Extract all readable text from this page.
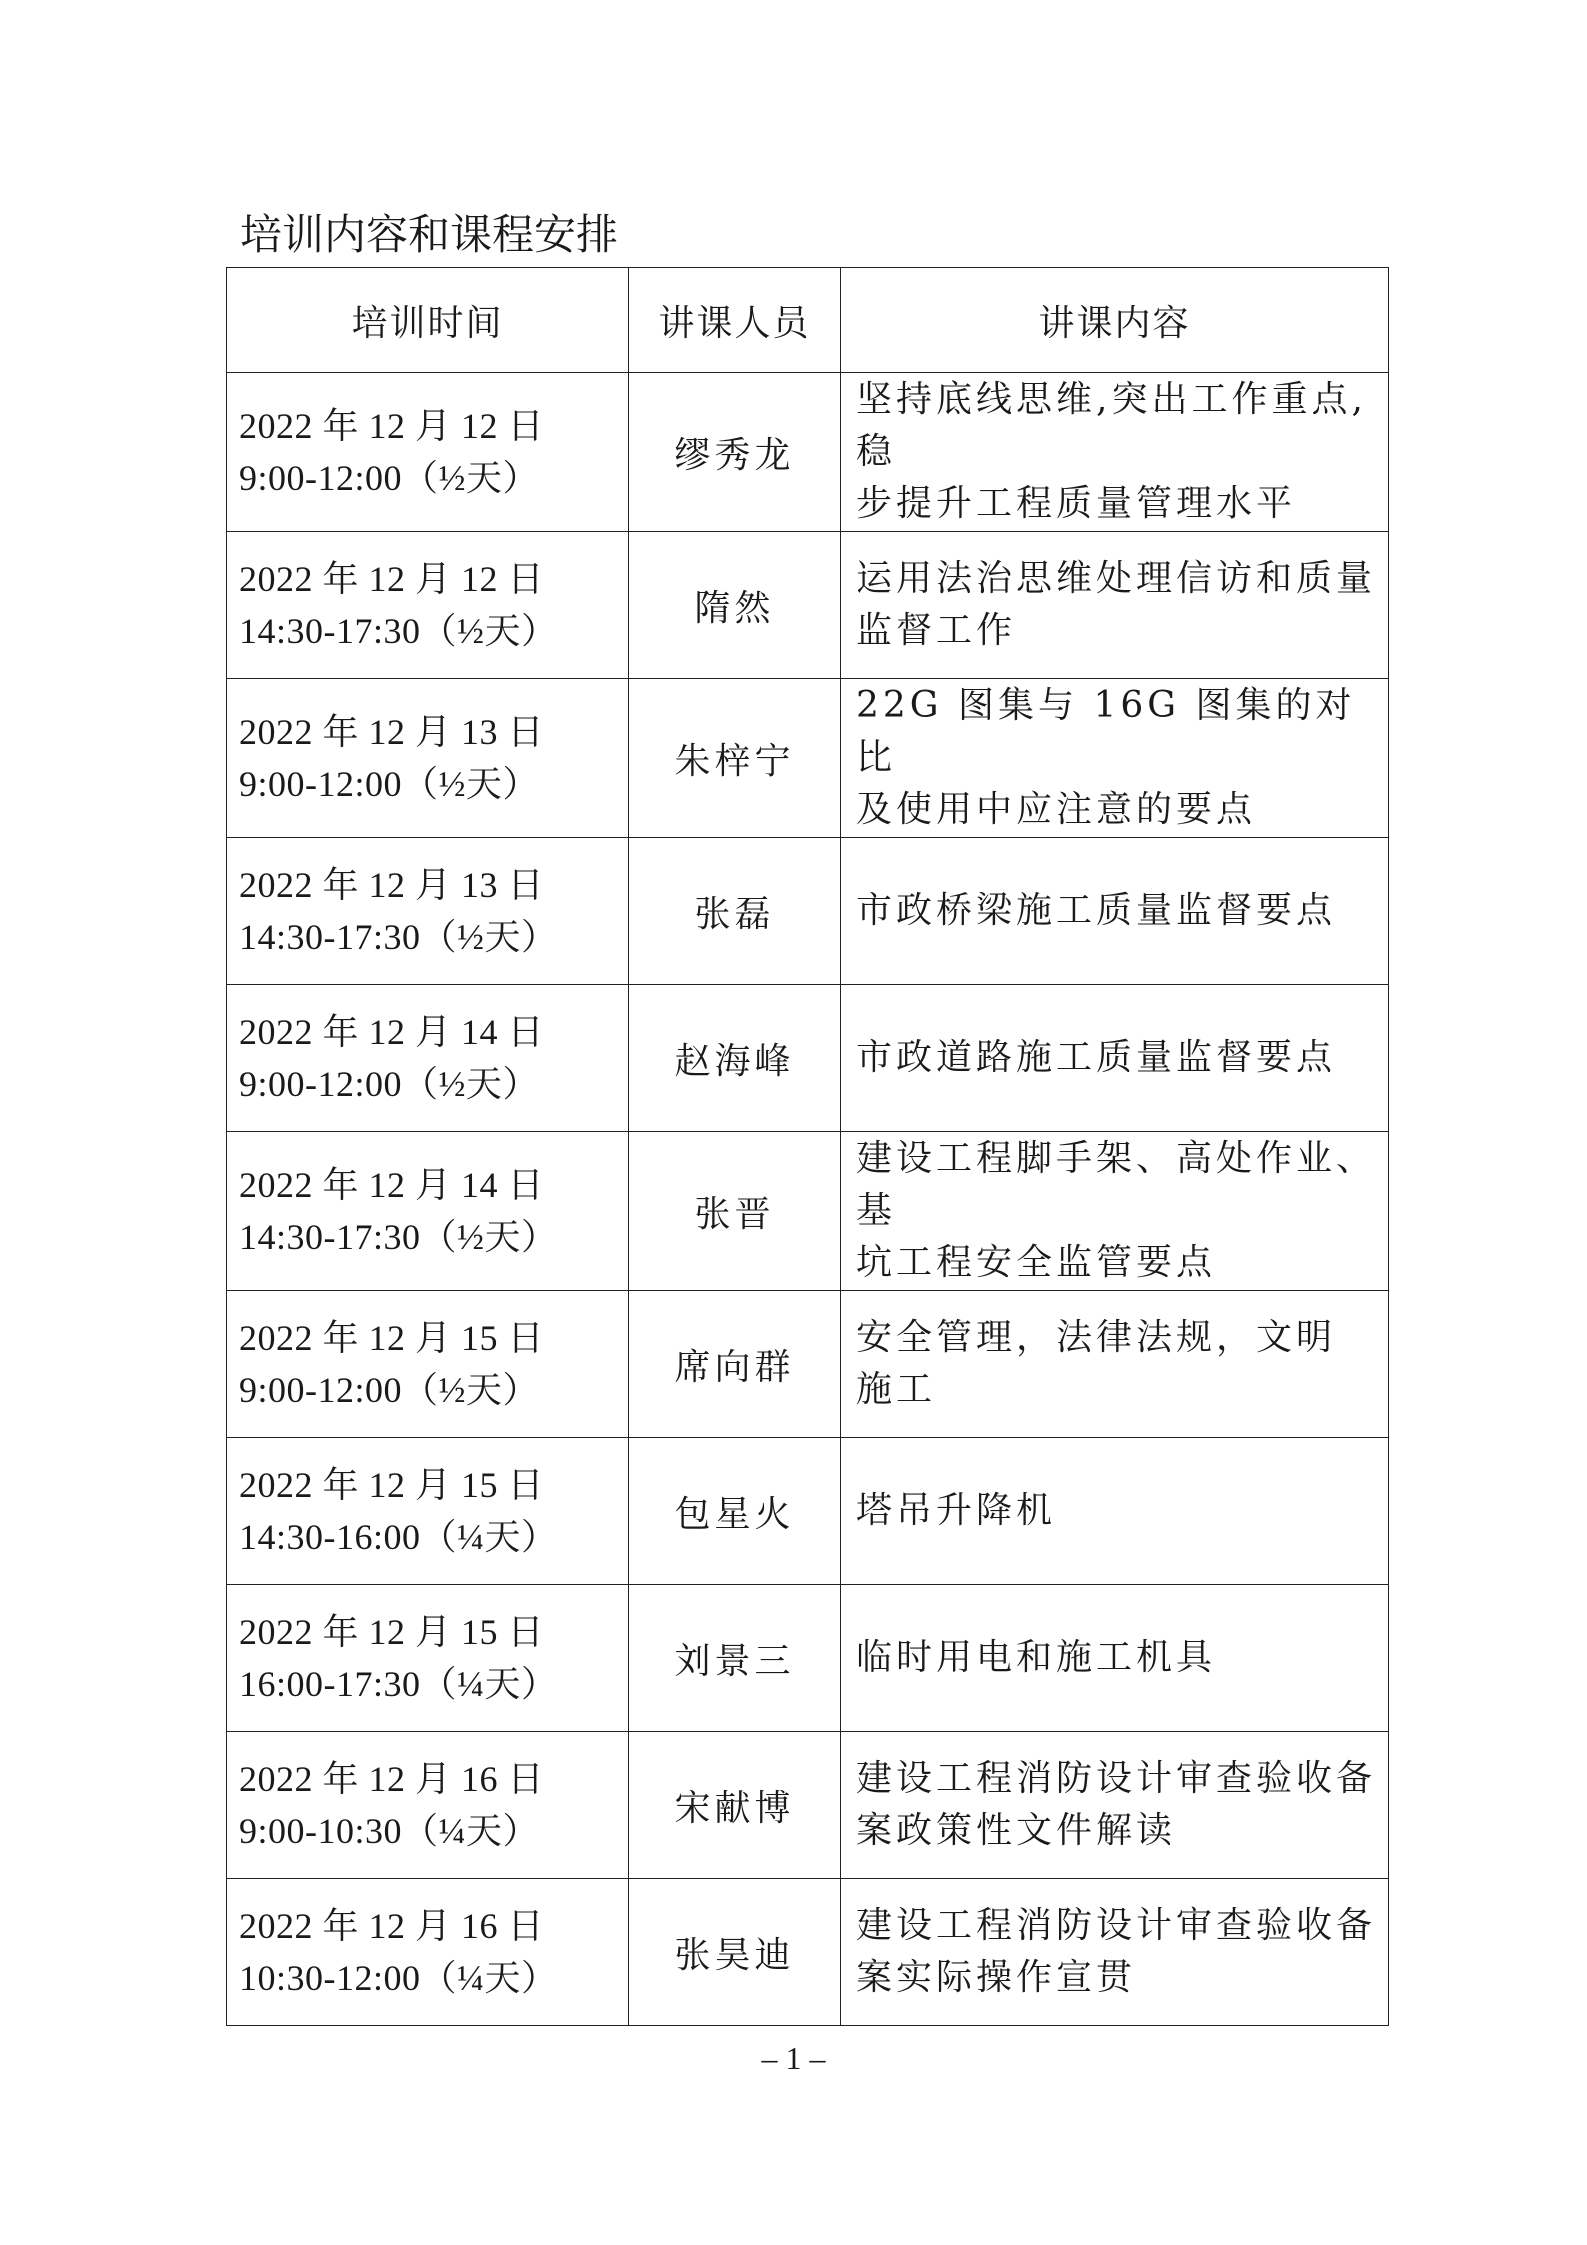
培训内容和课程安排
培训时间	讲课人员	讲课内容

2022 年 12 月 12 日
9:00-12:00（½天）	缪秀龙	坚持底线思维,突出工作重点,稳
步提升工程质量管理水平

2022 年 12 月 12 日
14:30-17:30（½天）	隋然	运用法治思维处理信访和质量
监督工作

2022 年 12 月 13 日
9:00-12:00（½天）	朱梓宁	22G 图集与 16G 图集的对比
及使用中应注意的要点

2022 年 12 月 13 日
14:30-17:30（½天）	张磊	市政桥梁施工质量监督要点

2022 年 12 月 14 日
9:00-12:00（½天）	赵海峰	市政道路施工质量监督要点

2022 年 12 月 14 日
14:30-17:30（½天）	张晋	建设工程脚手架、高处作业、基
坑工程安全监管要点

2022 年 12 月 15 日
9:00-12:00（½天）	席向群	安全管理，法律法规，文明
施工

2022 年 12 月 15 日
14:30-16:00（¼天）	包星火	塔吊升降机

2022 年 12 月 15 日
16:00-17:30（¼天）	刘景三	临时用电和施工机具

2022 年 12 月 16 日
9:00-10:30（¼天）	宋献博	建设工程消防设计审查验收备
案政策性文件解读

2022 年 12 月 16 日
10:30-12:00（¼天）	张昊迪	建设工程消防设计审查验收备
案实际操作宣贯
– 1 –
